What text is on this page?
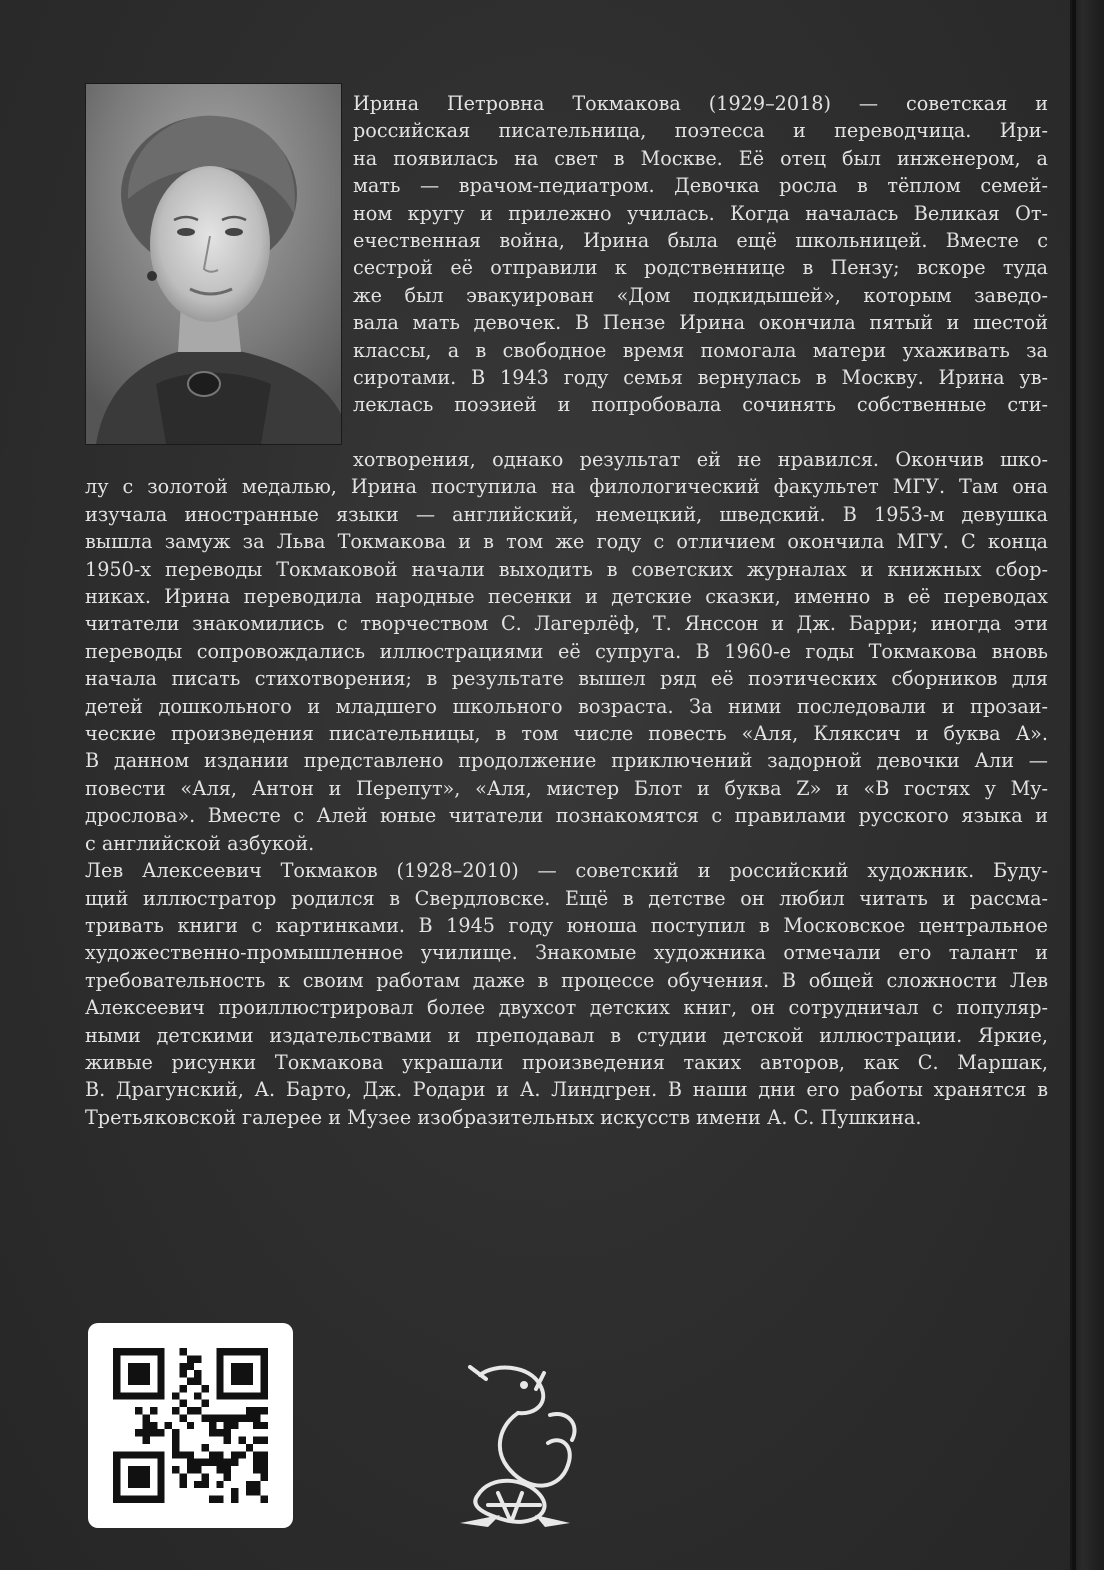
Ирина Петровна Токмакова (1929–2018) — советская и
российская писательница, поэтесса и переводчица. Ири-
на появилась на свет в Москве. Её отец был инженером, а
мать — врачом-педиатром. Девочка росла в тёплом семей-
ном кругу и прилежно училась. Когда началась Великая От-
ечественная война, Ирина была ещё школьницей. Вместе с
сестрой её отправили к родственнице в Пензу; вскоре туда
же был эвакуирован «Дом подкидышей», которым заведо-
вала мать девочек. В Пензе Ирина окончила пятый и шестой
классы, а в свободное время помогала матери ухаживать за
сиротами. В 1943 году семья вернулась в Москву. Ирина ув-
леклась поэзией и попробовала сочинять собственные сти-
хотворения, однако результат ей не нравился. Окончив шко-
лу с золотой медалью, Ирина поступила на филологический факультет МГУ. Там она
изучала иностранные языки — английский, немецкий, шведский. В 1953-м девушка
вышла замуж за Льва Токмакова и в том же году с отличием окончила МГУ. С конца
1950-х переводы Токмаковой начали выходить в советских журналах и книжных сбор-
никах. Ирина переводила народные песенки и детские сказки, именно в её переводах
читатели знакомились с творчеством С. Лагерлёф, Т. Янссон и Дж. Барри; иногда эти
переводы сопровождались иллюстрациями её супруга. В 1960-е годы Токмакова вновь
начала писать стихотворения; в результате вышел ряд её поэтических сборников для
детей дошкольного и младшего школьного возраста. За ними последовали и прозаи-
ческие произведения писательницы, в том числе повесть «Аля, Кляксич и буква А».
В данном издании представлено продолжение приключений задорной девочки Али —
повести «Аля, Антон и Перепут», «Аля, мистер Блот и буква Z» и «В гостях у Му-
дрослова». Вместе с Алей юные читатели познакомятся с правилами русского языка и
с английской азбукой.
Лев Алексеевич Токмаков (1928–2010) — советский и российский художник. Буду-
щий иллюстратор родился в Свердловске. Ещё в детстве он любил читать и рассма-
тривать книги с картинками. В 1945 году юноша поступил в Московское центральное
художественно-промышленное училище. Знакомые художника отмечали его талант и
требовательность к своим работам даже в процессе обучения. В общей сложности Лев
Алексеевич проиллюстрировал более двухсот детских книг, он сотрудничал с популяр-
ными детскими издательствами и преподавал в студии детской иллюстрации. Яркие,
живые рисунки Токмакова украшали произведения таких авторов, как С. Маршак,
В. Драгунский, А. Барто, Дж. Родари и А. Линдгрен. В наши дни его работы хранятся в
Третьяковской галерее и Музее изобразительных искусств имени А. С. Пушкина.
